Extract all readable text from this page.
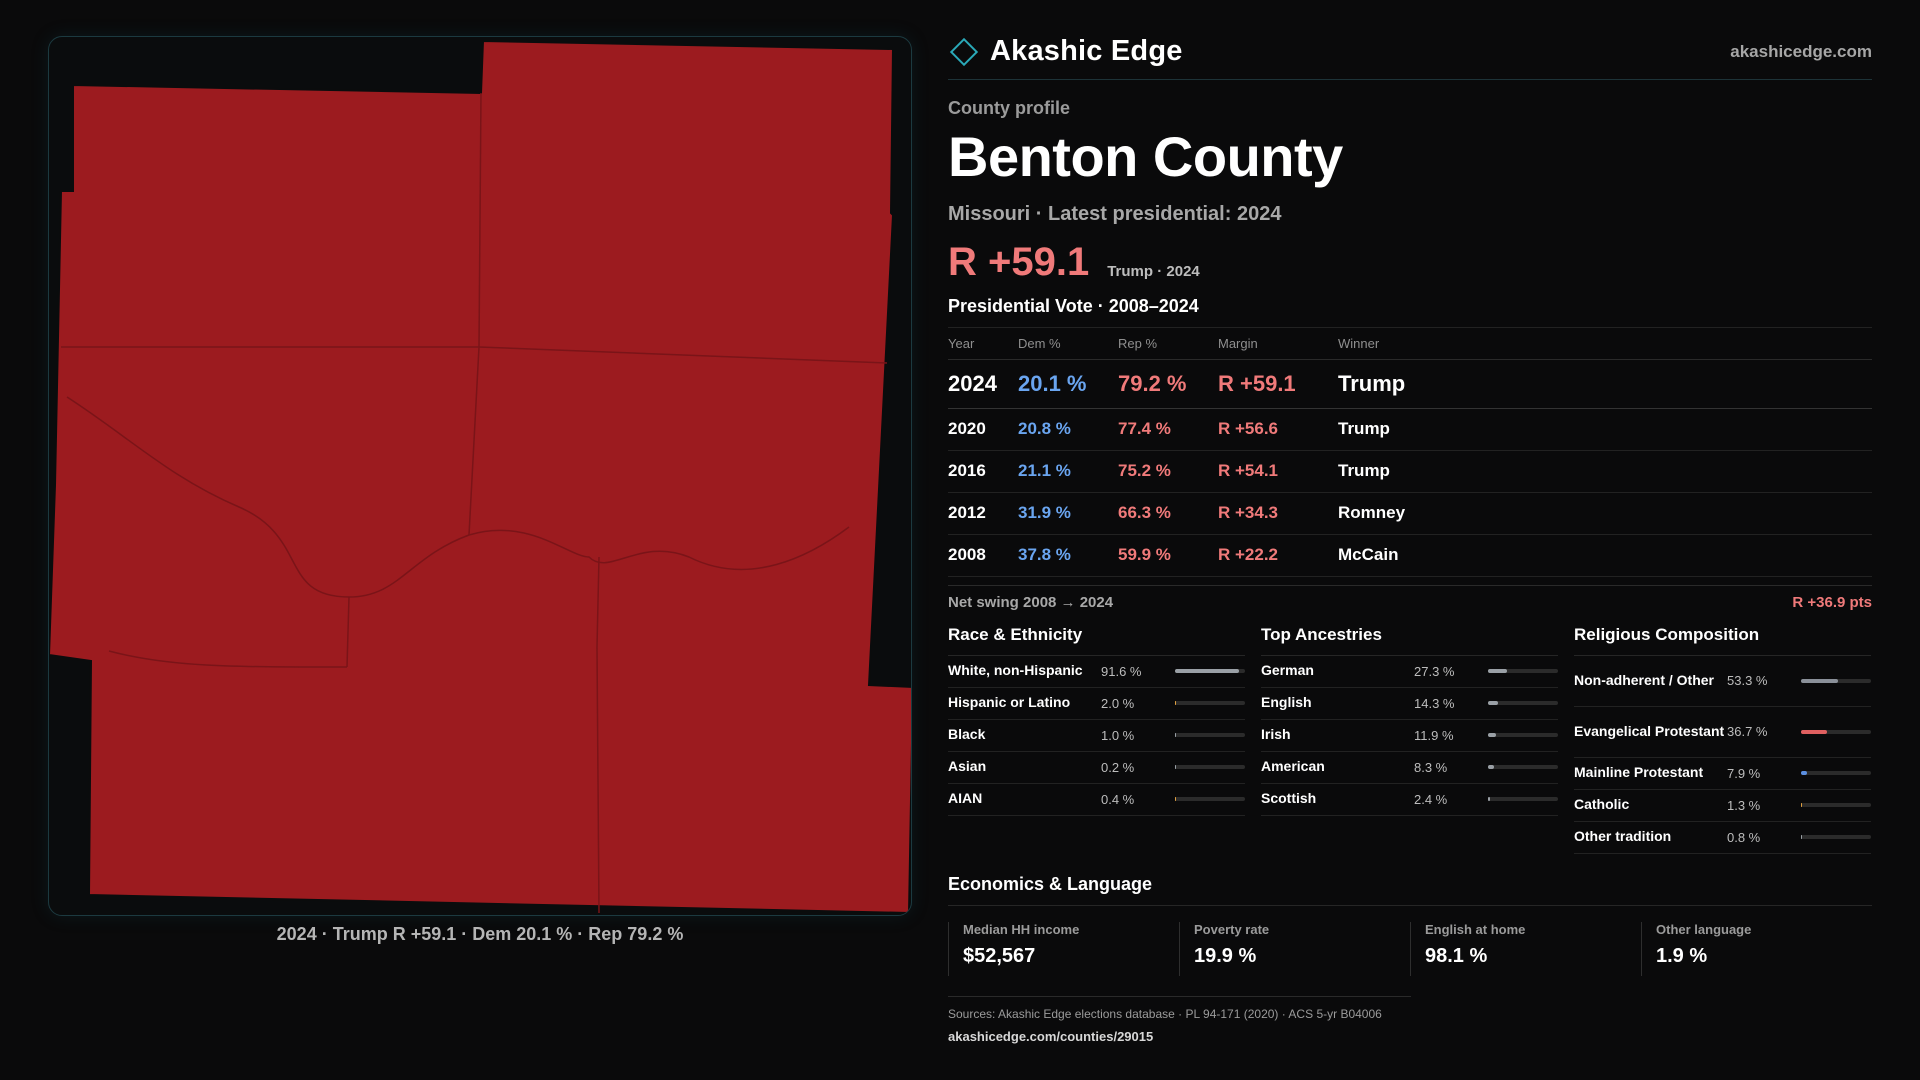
2024 · Trump R +59.1 · Dem 20.1 % · Rep 79.2 %
Akashic Edge	akashicedge.com
County profile
Benton County
Missouri · Latest presidential: 2024
R +59.1 Trump · 2024
Presidential Vote · 2008–2024
Year	Dem %	Rep %	Margin	Winner
2024	20.1 %	79.2 %	R +59.1	Trump
2020	20.8 %	77.4 %	R +56.6	Trump
2016	21.1 %	75.2 %	R +54.1	Trump
2012	31.9 %	66.3 %	R +34.3	Romney
2008	37.8 %	59.9 %	R +22.2	McCain
Net swing 2008 → 2024	R +36.9 pts
Race & Ethnicity
White, non-Hispanic	91.6 %
Hispanic or Latino	2.0 %
Black	1.0 %
Asian	0.2 %
AIAN	0.4 %
Top Ancestries
German	27.3 %
English	14.3 %
Irish	11.9 %
American	8.3 %
Scottish	2.4 %
Religious Composition
Non-adherent / Other 53.3 %
Evangelical Protestant 36.7 %
Mainline Protestant	7.9 %
Catholic	1.3 %
Other tradition	0.8 %
Economics & Language
Median HH income
$52,567
Poverty rate
19.9 %
English at home
98.1 %
Other language
1.9 %
Sources: Akashic Edge elections database · PL 94-171 (2020) · ACS 5-yr B04006
akashicedge.com/counties/29015
